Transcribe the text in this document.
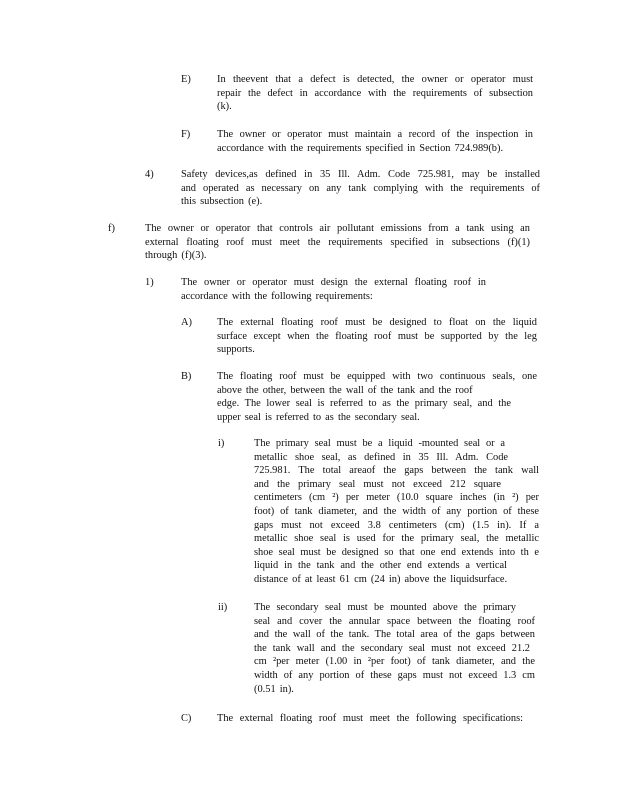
E)	In theevent that a defect is detected, the owner or operator must
repair the defect in accordance with the requirements of subsection
(k).
F)	The owner or operator must maintain a record of the inspection in
accordance with the requirements specified in Section 724.989(b).
4)	Safety devices,as defined in 35 Ill. Adm. Code 725.981, may be installed
and operated as necessary on any tank complying with the requirements of
this subsection (e).
f)	The owner or operator that controls air pollutant emissions from a tank using an
external floating roof must meet the requirements specified in subsections (f)(1)
through (f)(3).
1)	The owner or operator must design the external floating roof in
accordance with the following requirements:
A) The external floating roof must be designed to float on the liquid
surface except when the floating roof must be supported by the leg
supports.
B) The floating roof must be equipped with two continuous seals, one
above the other, between the wall of the tank and the roof
edge. The lower seal is referred to as the primary seal, and the
upper seal is referred to as the secondary seal.
i)	The primary seal must be a liquid -mounted seal or a
metallic shoe seal, as defined in 35 Ill. Adm. Code
725.981. The total areaof the gaps between the tank wall
and the primary seal must not exceed 212 square
centimeters (cm ²) per meter (10.0 square inches (in ²) per
foot) of tank diameter, and the width of any portion of these
gaps must not exceed 3.8 centimeters (cm) (1.5 in). If a
metallic shoe seal is used for the primary seal, the metallic
shoe seal must be designed so that one end extends into th e
liquid in the tank and the other end extends a vertical
distance of at least 61 cm (24 in) above the liquidsurface.
ii)	The secondary seal must be mounted above the primary
seal and cover the annular space between the floating roof
and the wall of the tank. The total area of the gaps between
the tank wall and the secondary seal must not exceed 21.2
cm ²per meter (1.00 in ²per foot) of tank diameter, and the
width of any portion of these gaps must not exceed 1.3 cm
(0.51 in).
C) The external floating roof must meet the following specifications:
